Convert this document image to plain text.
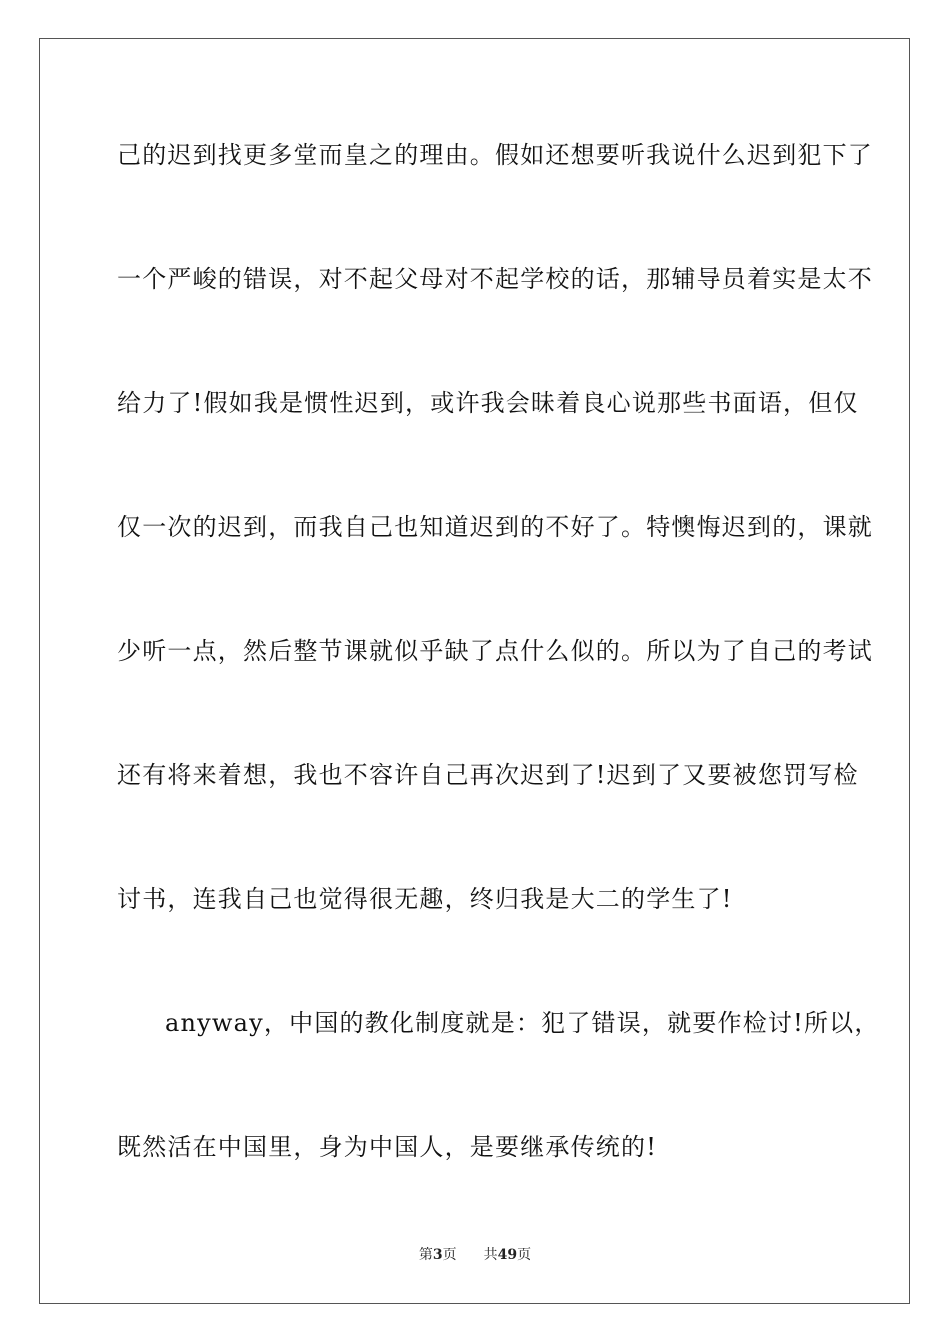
己的迟到找更多堂而皇之的理由。假如还想要听我说什么迟到犯下了
一个严峻的错误，对不起父母对不起学校的话，那辅导员着实是太不
给力了!假如我是惯性迟到，或许我会昧着良心说那些书面语，但仅
仅一次的迟到，而我自己也知道迟到的不好了。特懊悔迟到的，课就
少听一点，然后整节课就似乎缺了点什么似的。所以为了自己的考试
还有将来着想，我也不容许自己再次迟到了!迟到了又要被您罚写检
讨书，连我自己也觉得很无趣，终归我是大二的学生了!
anyway，中国的教化制度就是：犯了错误，就要作检讨!所以，
既然活在中国里，身为中国人，是要继承传统的!
第3页 共49页
